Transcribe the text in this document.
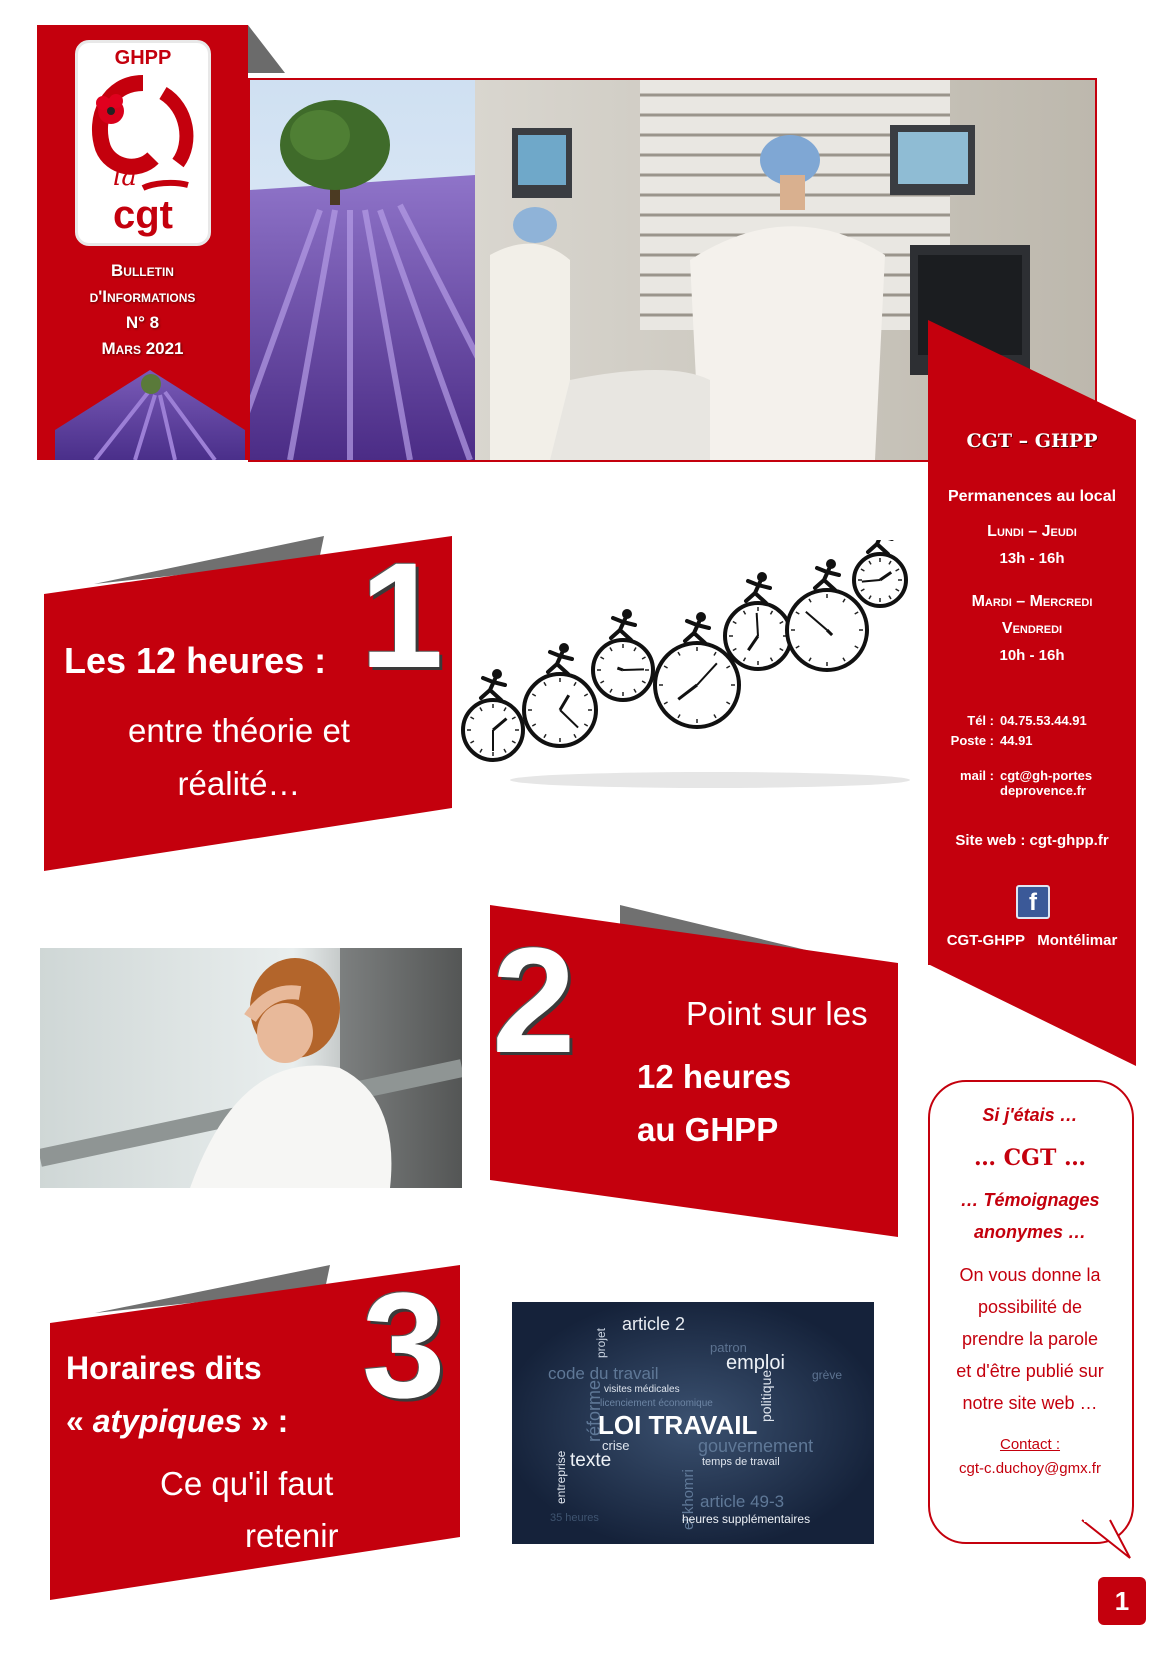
GHPP
la
cgt
Bulletin
d'Informations
N° 8
Mars 2021
CGT – GHPP
Permanences au local
Lundi – Jeudi
13h - 16h
Mardi – Mercredi
Vendredi
10h - 16h
Tél : 04.75.53.44.91
Poste : 44.91
mail : cgt@gh-portes
deprovence.fr
Site web : cgt-ghpp.fr
f
CGT-GHPP   Montélimar
1
Les 12 heures :
entre théorie et
réalité…
2	Point sur les
12 heures
au GHPP
3
Horaires dits
« atypiques » :
Ce qu'il faut
retenir
article 2
projet	patron
emploi
code du travail
visites médicales
grève
politique
réforme
licenciement économique
LOI TRAVAIL
crise	gouvernement
texte	temps de travail
entreprise	el khomri article 49-3
35 heures	heures supplémentaires
Si j'étais …
… CGT …
… Témoignages
anonymes …
On vous donne la
possibilité de
prendre la parole
et d'être publié sur
notre site web …
Contact :
cgt-c.duchoy@gmx.fr
1
